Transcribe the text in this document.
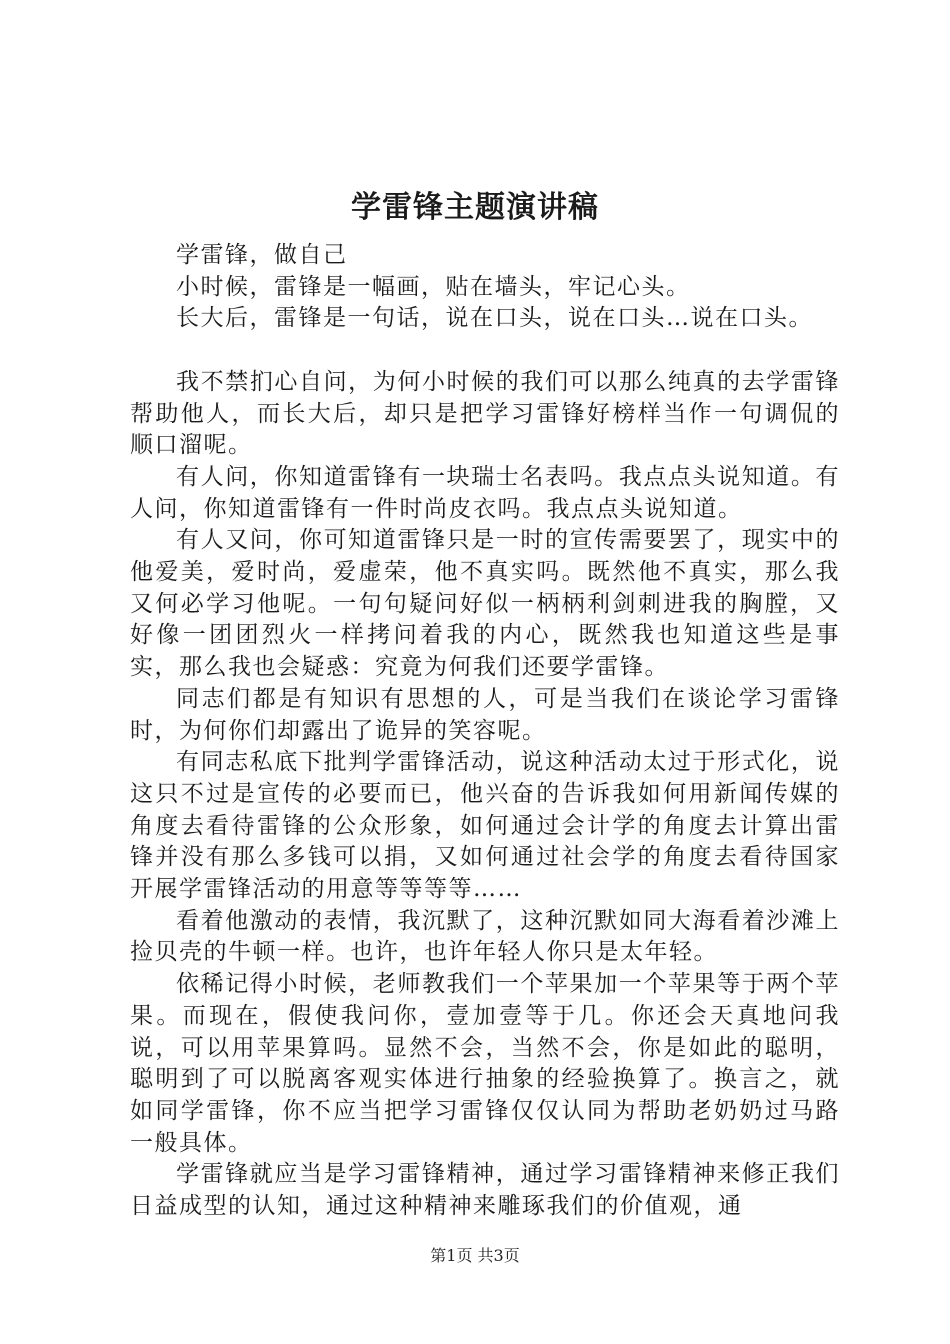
学雷锋主题演讲稿

学雷锋，做自己

小时候，雷锋是一幅画，贴在墙头，牢记心头。

长大后，雷锋是一句话，说在口头，说在口头…说在口头。

我不禁扪心自问，为何小时候的我们可以那么纯真的去学雷锋帮助他人，而长大后，却只是把学习雷锋好榜样当作一句调侃的顺口溜呢。

有人问，你知道雷锋有一块瑞士名表吗。我点点头说知道。有人问，你知道雷锋有一件时尚皮衣吗。我点点头说知道。

有人又问，你可知道雷锋只是一时的宣传需要罢了，现实中的他爱美，爱时尚，爱虚荣，他不真实吗。既然他不真实，那么我又何必学习他呢。一句句疑问好似一柄柄利剑刺进我的胸膛，又好像一团团烈火一样拷问着我的内心，既然我也知道这些是事实，那么我也会疑惑：究竟为何我们还要学雷锋。

同志们都是有知识有思想的人，可是当我们在谈论学习雷锋时，为何你们却露出了诡异的笑容呢。

有同志私底下批判学雷锋活动，说这种活动太过于形式化，说这只不过是宣传的必要而已，他兴奋的告诉我如何用新闻传媒的角度去看待雷锋的公众形象，如何通过会计学的角度去计算出雷锋并没有那么多钱可以捐，又如何通过社会学的角度去看待国家开展学雷锋活动的用意等等等等……

看着他激动的表情，我沉默了，这种沉默如同大海看着沙滩上捡贝壳的牛顿一样。也许，也许年轻人你只是太年轻。

依稀记得小时候，老师教我们一个苹果加一个苹果等于两个苹果。而现在，假使我问你，壹加壹等于几。你还会天真地问我说，可以用苹果算吗。显然不会，当然不会，你是如此的聪明，聪明到了可以脱离客观实体进行抽象的经验换算了。换言之，就如同学雷锋，你不应当把学习雷锋仅仅认同为帮助老奶奶过马路一般具体。

学雷锋就应当是学习雷锋精神，通过学习雷锋精神来修正我们日益成型的认知，通过这种精神来雕琢我们的价值观，通

第1页 共3页
